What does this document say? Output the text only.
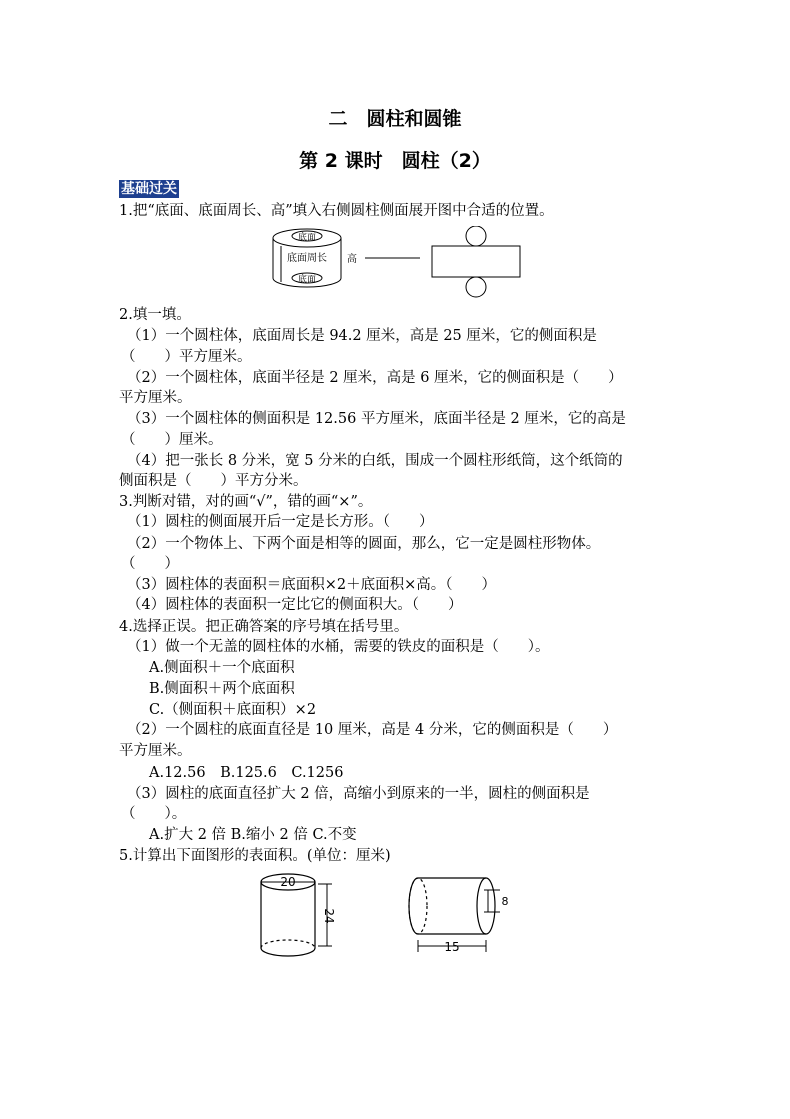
二　圆柱和圆锥
第 2 课时　圆柱（2）
基础过关
1.把“底面、底面周长、高”填入右侧圆柱侧面展开图中合适的位置。
底面
底面周长 高
底面
2.填一填。
（1）一个圆柱体，底面周长是 94.2 厘米，高是 25 厘米，它的侧面积是
（　　）平方厘米。
（2）一个圆柱体，底面半径是 2 厘米，高是 6 厘米，它的侧面积是（　　）
平方厘米。
（3）一个圆柱体的侧面积是 12.56 平方厘米，底面半径是 2 厘米，它的高是
（　　）厘米。
（4）把一张长 8 分米，宽 5 分米的白纸，围成一个圆柱形纸筒，这个纸筒的
侧面积是（　　）平方分米。
3.判断对错，对的画“√”，错的画“×”。
（1）圆柱的侧面展开后一定是长方形。（　　）
（2）一个物体上、下两个面是相等的圆面，那么，它一定是圆柱形物体。
（　　）
（3）圆柱体的表面积＝底面积×2＋底面积×高。（　　）
（4）圆柱体的表面积一定比它的侧面积大。（　　）
4.选择正误。把正确答案的序号填在括号里。
（1）做一个无盖的圆柱体的水桶，需要的铁皮的面积是（　　）。
A.侧面积＋一个底面积
B.侧面积＋两个底面积
C.（侧面积＋底面积）×2
（2）一个圆柱的底面直径是 10 厘米，高是 4 分米，它的侧面积是（　　）
平方厘米。
A.12.56　B.125.6　C.1256
（3）圆柱的底面直径扩大 2 倍，高缩小到原来的一半，圆柱的侧面积是
（　　）。
A.扩大 2 倍 B.缩小 2 倍 C.不变
5.计算出下面图形的表面积。(单位：厘米)
20
24
8
15
